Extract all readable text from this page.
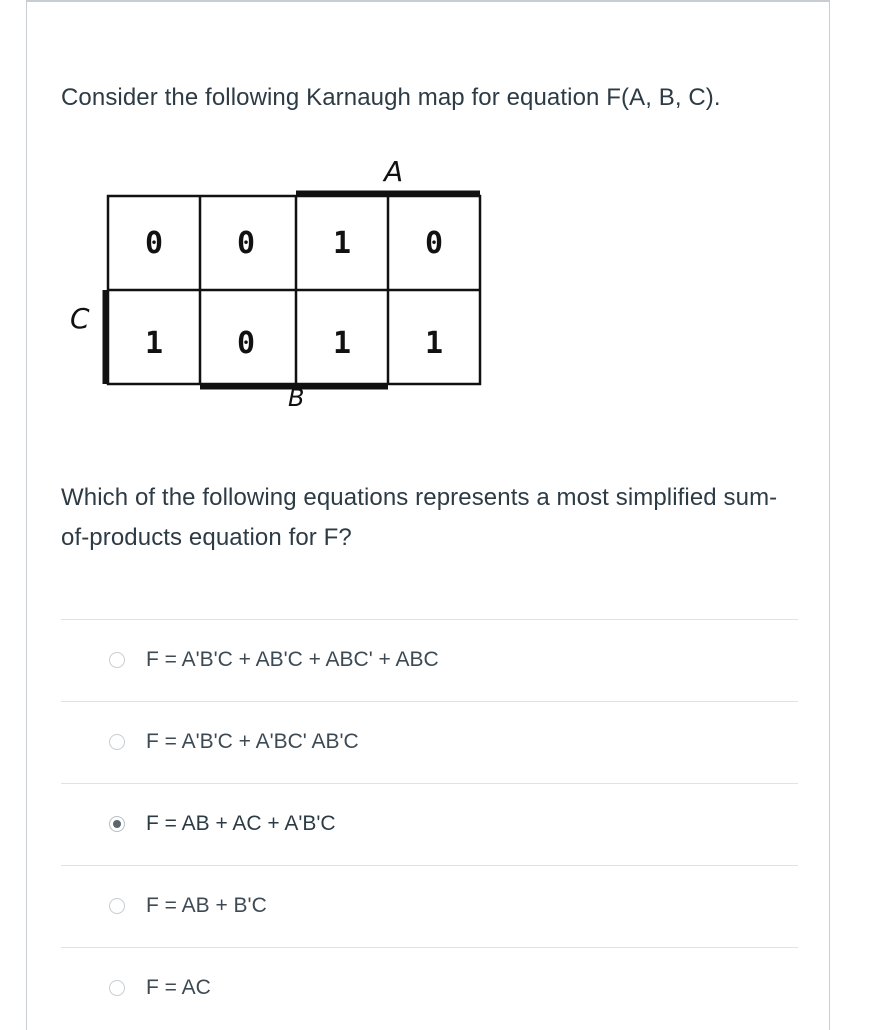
Consider the following Karnaugh map for equation F(A, B, C).

A
C
B
0	0	1	0
1	0	1	1

Which of the following equations represents a most simplified sum-of-products equation for F?

F = A'B'C + AB'C + ABC' + ABC
F = A'B'C + A'BC' AB'C
F = AB + AC + A'B'C
F = AB + B'C
F = AC
